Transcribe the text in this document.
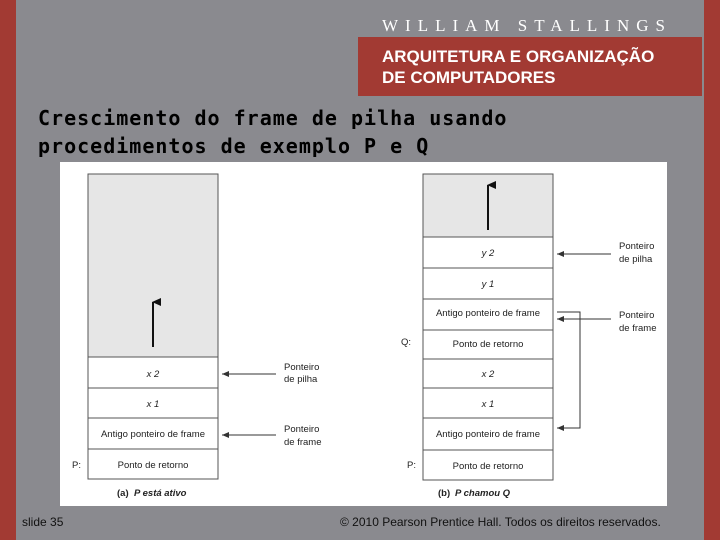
WILLIAM STALLINGS
ARQUITETURA E ORGANIZAÇÃO
DE COMPUTADORES
Crescimento do frame de pilha usando
procedimentos de exemplo P e Q
x 2
x 1
Antigo ponteiro de frame
Ponto de retorno
Ponteiro
de pilha
Ponteiro
de frame
P:
(a) P está ativo
y 2
y 1
Antigo ponteiro de frame
Ponto de retorno
x 2
x 1
Antigo ponteiro de frame
Ponto de retorno
Ponteiro
de pilha
Ponteiro
de frame
Q:
P:
(b) P chamou Q
slide 35	© 2010 Pearson Prentice Hall. Todos os direitos reservados.
